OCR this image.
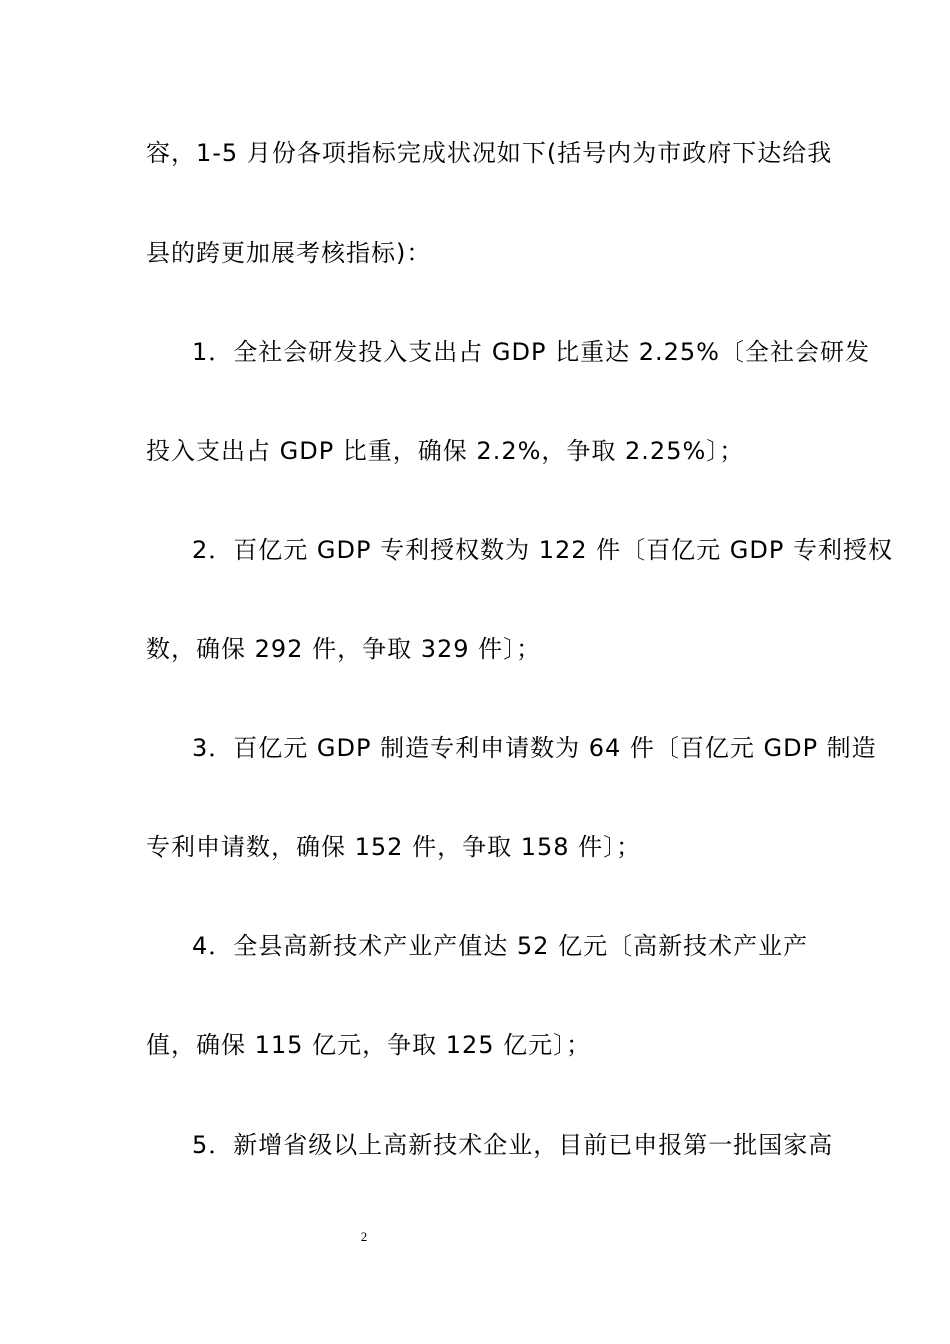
容，1-5 月份各项指标完成状况如下(括号内为市政府下达给我
县的跨更加展考核指标)：
1．全社会研发投入支出占 GDP 比重达 2.25%〔全社会研发
投入支出占 GDP 比重，确保 2.2%，争取 2.25%〕；
2．百亿元 GDP 专利授权数为 122 件〔百亿元 GDP 专利授权
数，确保 292 件，争取 329 件〕；
3．百亿元 GDP 制造专利申请数为 64 件〔百亿元 GDP 制造
专利申请数，确保 152 件，争取 158 件〕；
4．全县高新技术产业产值达 52 亿元〔高新技术产业产
值，确保 115 亿元，争取 125 亿元〕；
5．新增省级以上高新技术企业，目前已申报第一批国家高
2
